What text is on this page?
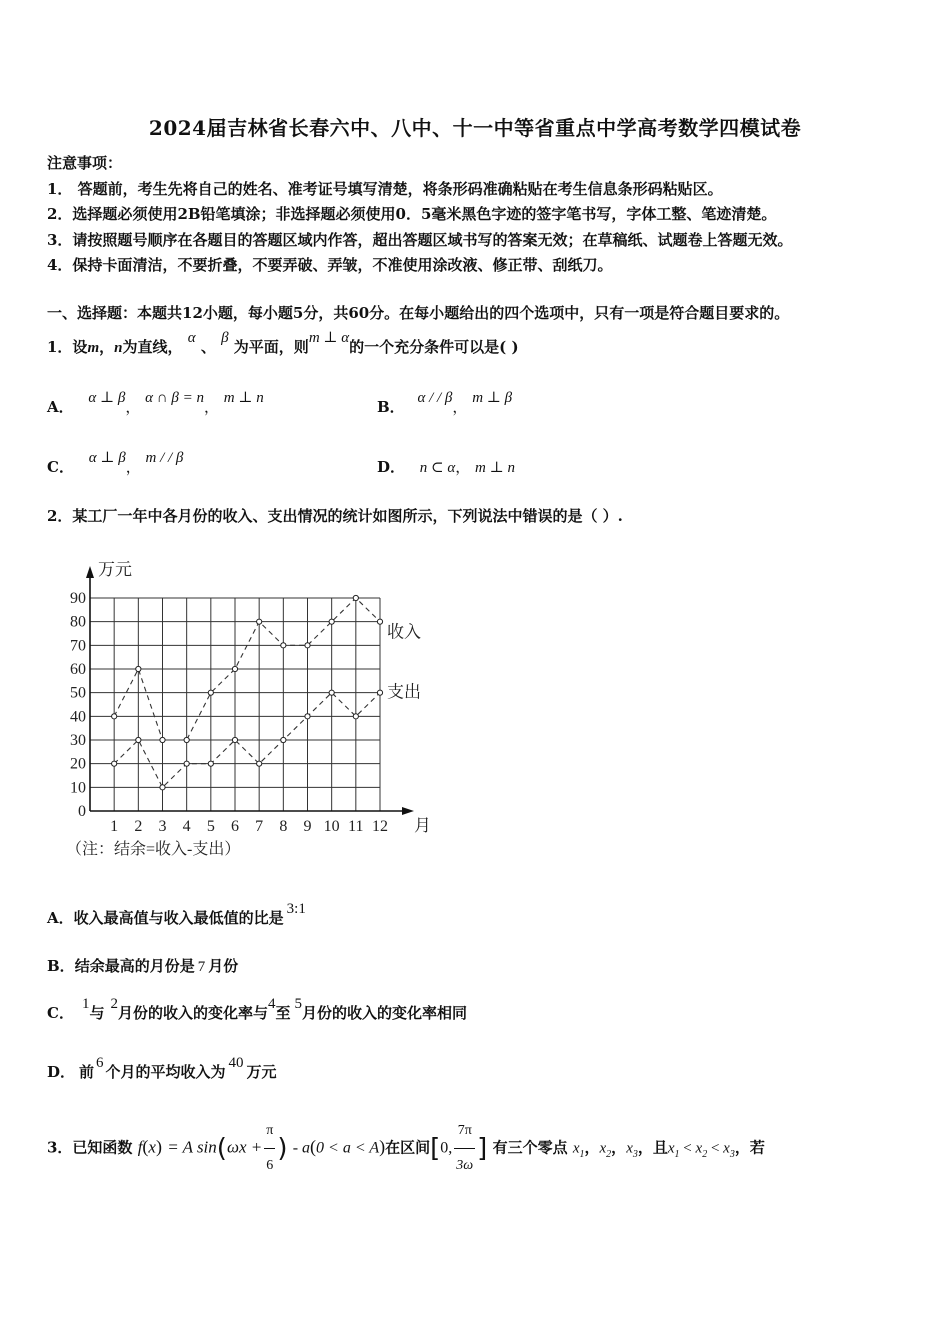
2024届吉林省长春六中、八中、十一中等省重点中学高考数学四模试卷
注意事项：
1． 答题前，考生先将自己的姓名、准考证号填写清楚，将条形码准确粘贴在考生信息条形码粘贴区。
2．选择题必须使用2B铅笔填涂；非选择题必须使用0．5毫米黑色字迹的签字笔书写，字体工整、笔迹清楚。
3．请按照题号顺序在各题目的答题区域内作答，超出答题区域书写的答案无效；在草稿纸、试题卷上答题无效。
4．保持卡面清洁，不要折叠，不要弄破、弄皱，不准使用涂改液、修正带、刮纸刀。
一、选择题：本题共12小题，每小题5分，共60分。在每小题给出的四个选项中，只有一项是符合题目要求的。
1．设m，n为直线， α 、 β 为平面，则m ⊥ α的一个充分条件可以是( )
A． α ⊥ β， α ∩ β = n， m ⊥ n	B． α / / β， m ⊥ β
C． α ⊥ β， m / / β	D． n ⊂ α， m ⊥ n
2．某工厂一年中各月份的收入、支出情况的统计如图所示，下列说法中错误的是（ ）.
90
80
70
60
50
40
30
20
10
0
1 2 3 4 5 6 7 8 9 10 11 12
收入
支出
万元
月
（注：结余=收入-支出）
A．收入最高值与收入最低值的比是 3:1
B．结余最高的月份是 7 月份
C． 1与 2月份的收入的变化率与4至 5月份的收入的变化率相同
D． 前 6 个月的平均收入为 40 万元
3．已知函数 f(x) = A $\sin(\omega x + \frac{\pi}{6}$ ) - a(0 < a < A)在区间[0, $\frac{7\pi}{3\omega}$ ] 有三个零点 $x_1$，$x_2$，$x_3$，且$x_1 < x_2 < x_3$，若
